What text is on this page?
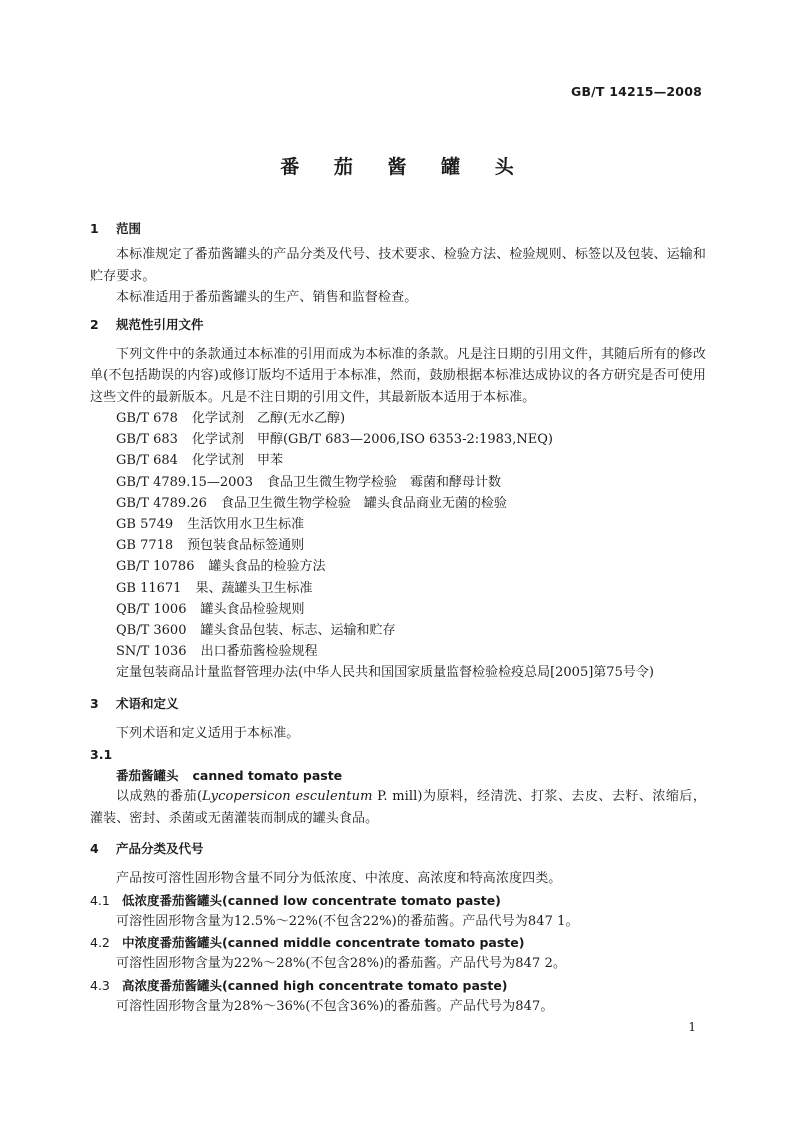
GB/T 14215—2008
番 茄 酱 罐 头
1 范围

本标准规定了番茄酱罐头的产品分类及代号、技术要求、检验方法、检验规则、标签以及包装、运输和贮存要求。

本标准适用于番茄酱罐头的生产、销售和监督检查。

2 规范性引用文件

下列文件中的条款通过本标准的引用而成为本标准的条款。凡是注日期的引用文件，其随后所有的修改单(不包括勘误的内容)或修订版均不适用于本标准，然而，鼓励根据本标准达成协议的各方研究是否可使用这些文件的最新版本。凡是不注日期的引用文件，其最新版本适用于本标准。

GB/T 678 化学试剂　乙醇(无水乙醇)
GB/T 683 化学试剂　甲醇(GB/T 683—2006,ISO 6353-2:1983,NEQ)
GB/T 684 化学试剂　甲苯
GB/T 4789.15—2003 食品卫生微生物学检验　霉菌和酵母计数
GB/T 4789.26 食品卫生微生物学检验　罐头食品商业无菌的检验
GB 5749 生活饮用水卫生标准
GB 7718 预包装食品标签通则
GB/T 10786 罐头食品的检验方法
GB 11671 果、蔬罐头卫生标准
QB/T 1006 罐头食品检验规则
QB/T 3600 罐头食品包装、标志、运输和贮存
SN/T 1036 出口番茄酱检验规程
定量包装商品计量监督管理办法(中华人民共和国国家质量监督检验检疫总局[2005]第75号令)
3 术语和定义

下列术语和定义适用于本标准。

3.1
番茄酱罐头 canned tomato paste

以成熟的番茄(Lycopersicon esculentum P. mill)为原料，经清洗、打浆、去皮、去籽、浓缩后，灌装、密封、杀菌或无菌灌装而制成的罐头食品。

4 产品分类及代号

产品按可溶性固形物含量不同分为低浓度、中浓度、高浓度和特高浓度四类。

4.1 低浓度番茄酱罐头(canned low concentrate tomato paste)

可溶性固形物含量为12.5%～22%(不包含22%)的番茄酱。产品代号为847 1。

4.2 中浓度番茄酱罐头(canned middle concentrate tomato paste)

可溶性固形物含量为22%～28%(不包含28%)的番茄酱。产品代号为847 2。

4.3 高浓度番茄酱罐头(canned high concentrate tomato paste)

可溶性固形物含量为28%～36%(不包含36%)的番茄酱。产品代号为847。

1
